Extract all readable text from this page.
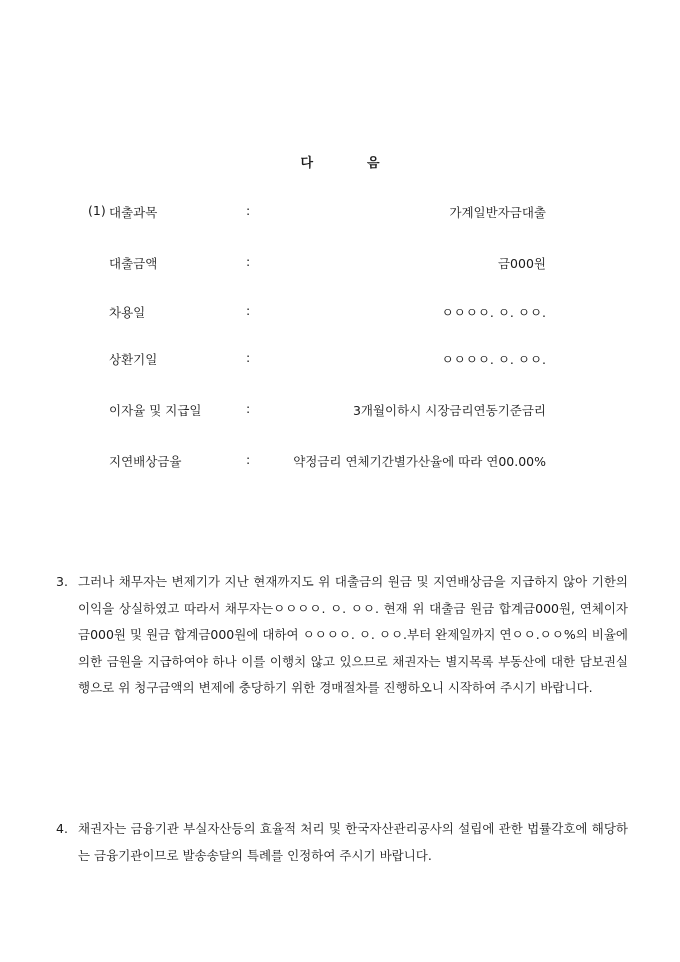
다	음
(1) 대출과목	:	가계일반자금대출
대출금액	:	금000원
차용일	:	ㅇㅇㅇㅇ. ㅇ. ㅇㅇ.
상환기일	:	ㅇㅇㅇㅇ. ㅇ. ㅇㅇ.
이자율 및 지급일	:	3개월이하시 시장금리연동기준금리
지연배상금율	:	약정금리 연체기간별가산율에 따라 연00.00%
3. 그러나 채무자는 변제기가 지난 현재까지도 위 대출금의 원금 및 지연배상금을 지급하지 않아 기한의 이익을 상실하였고 따라서 채무자는ㅇㅇㅇㅇ. ㅇ. ㅇㅇ. 현재 위 대출금 원금 합계금000원, 연체이자 금000원 및 원금 합계금000원에 대하여 ㅇㅇㅇㅇ. ㅇ. ㅇㅇ.부터 완제일까지 연ㅇㅇ.ㅇㅇ%의 비율에 의한 금원을 지급하여야 하나 이를 이행치 않고 있으므로 채권자는 별지목록 부동산에 대한 담보권실행으로 위 청구금액의 변제에 충당하기 위한 경매절차를 진행하오니 시작하여 주시기 바랍니다.
4. 채권자는 금융기관 부실자산등의 효율적 처리 및 한국자산관리공사의 설립에 관한 법률각호에 해당하는 금융기관이므로 발송송달의 특례를 인정하여 주시기 바랍니다.
